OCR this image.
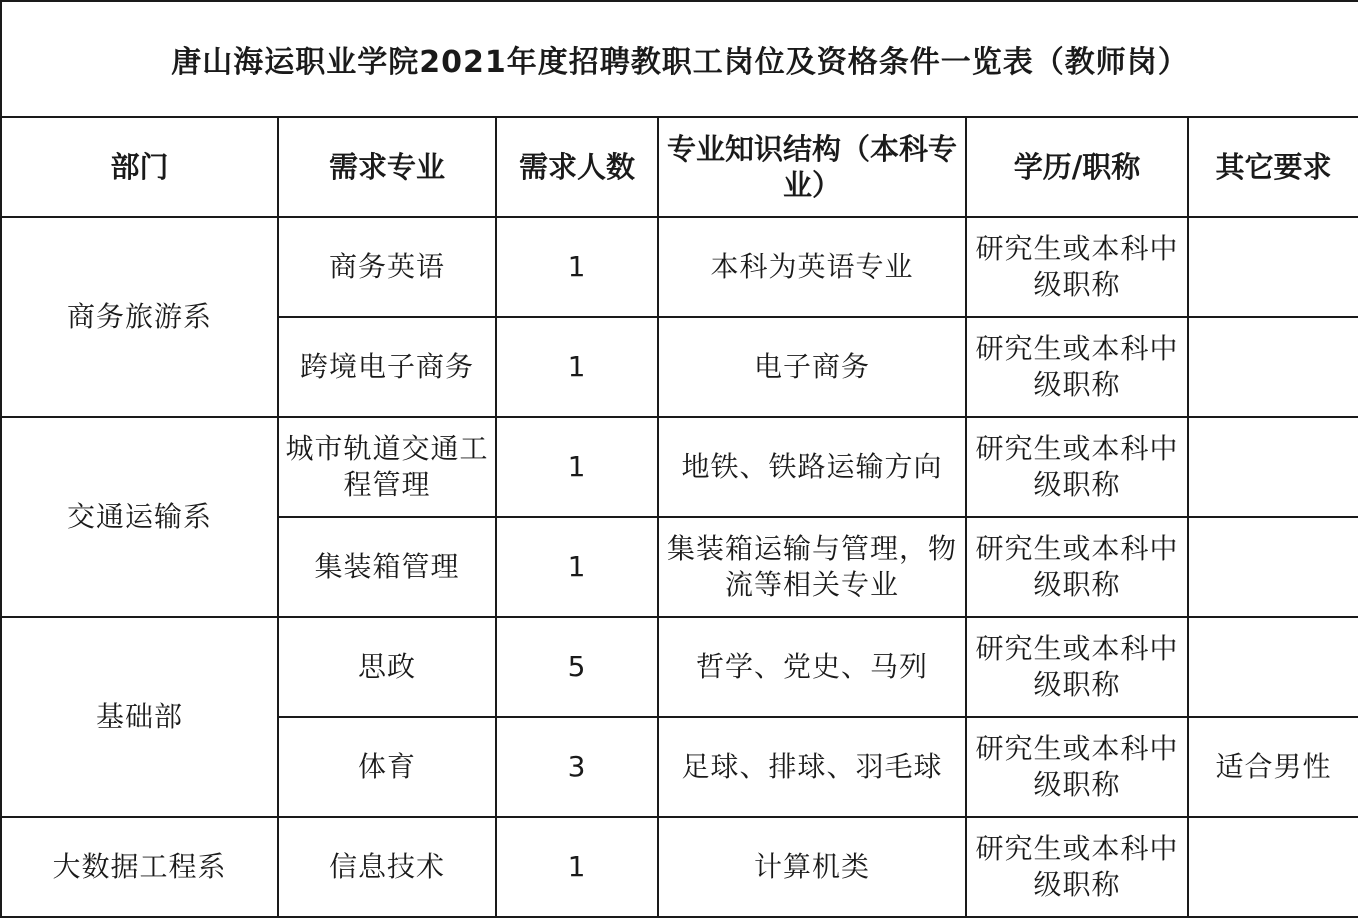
唐山海运职业学院2021年度招聘教职工岗位及资格条件一览表（教师岗）					
部门	需求专业	需求人数	专业知识结构（本科专业）	学历/职称	其它要求
商务旅游系	商务英语	1	本科为英语专业	研究生或本科中级职称	
	跨境电子商务	1	电子商务	研究生或本科中级职称	
交通运输系	城市轨道交通工程管理	1	地铁、铁路运输方向	研究生或本科中级职称	
	集装箱管理	1	集装箱运输与管理，物流等相关专业	研究生或本科中级职称	
基础部	思政	5	哲学、党史、马列	研究生或本科中级职称	
	体育	3	足球、排球、羽毛球	研究生或本科中级职称	适合男性
大数据工程系	信息技术	1	计算机类	研究生或本科中级职称	
